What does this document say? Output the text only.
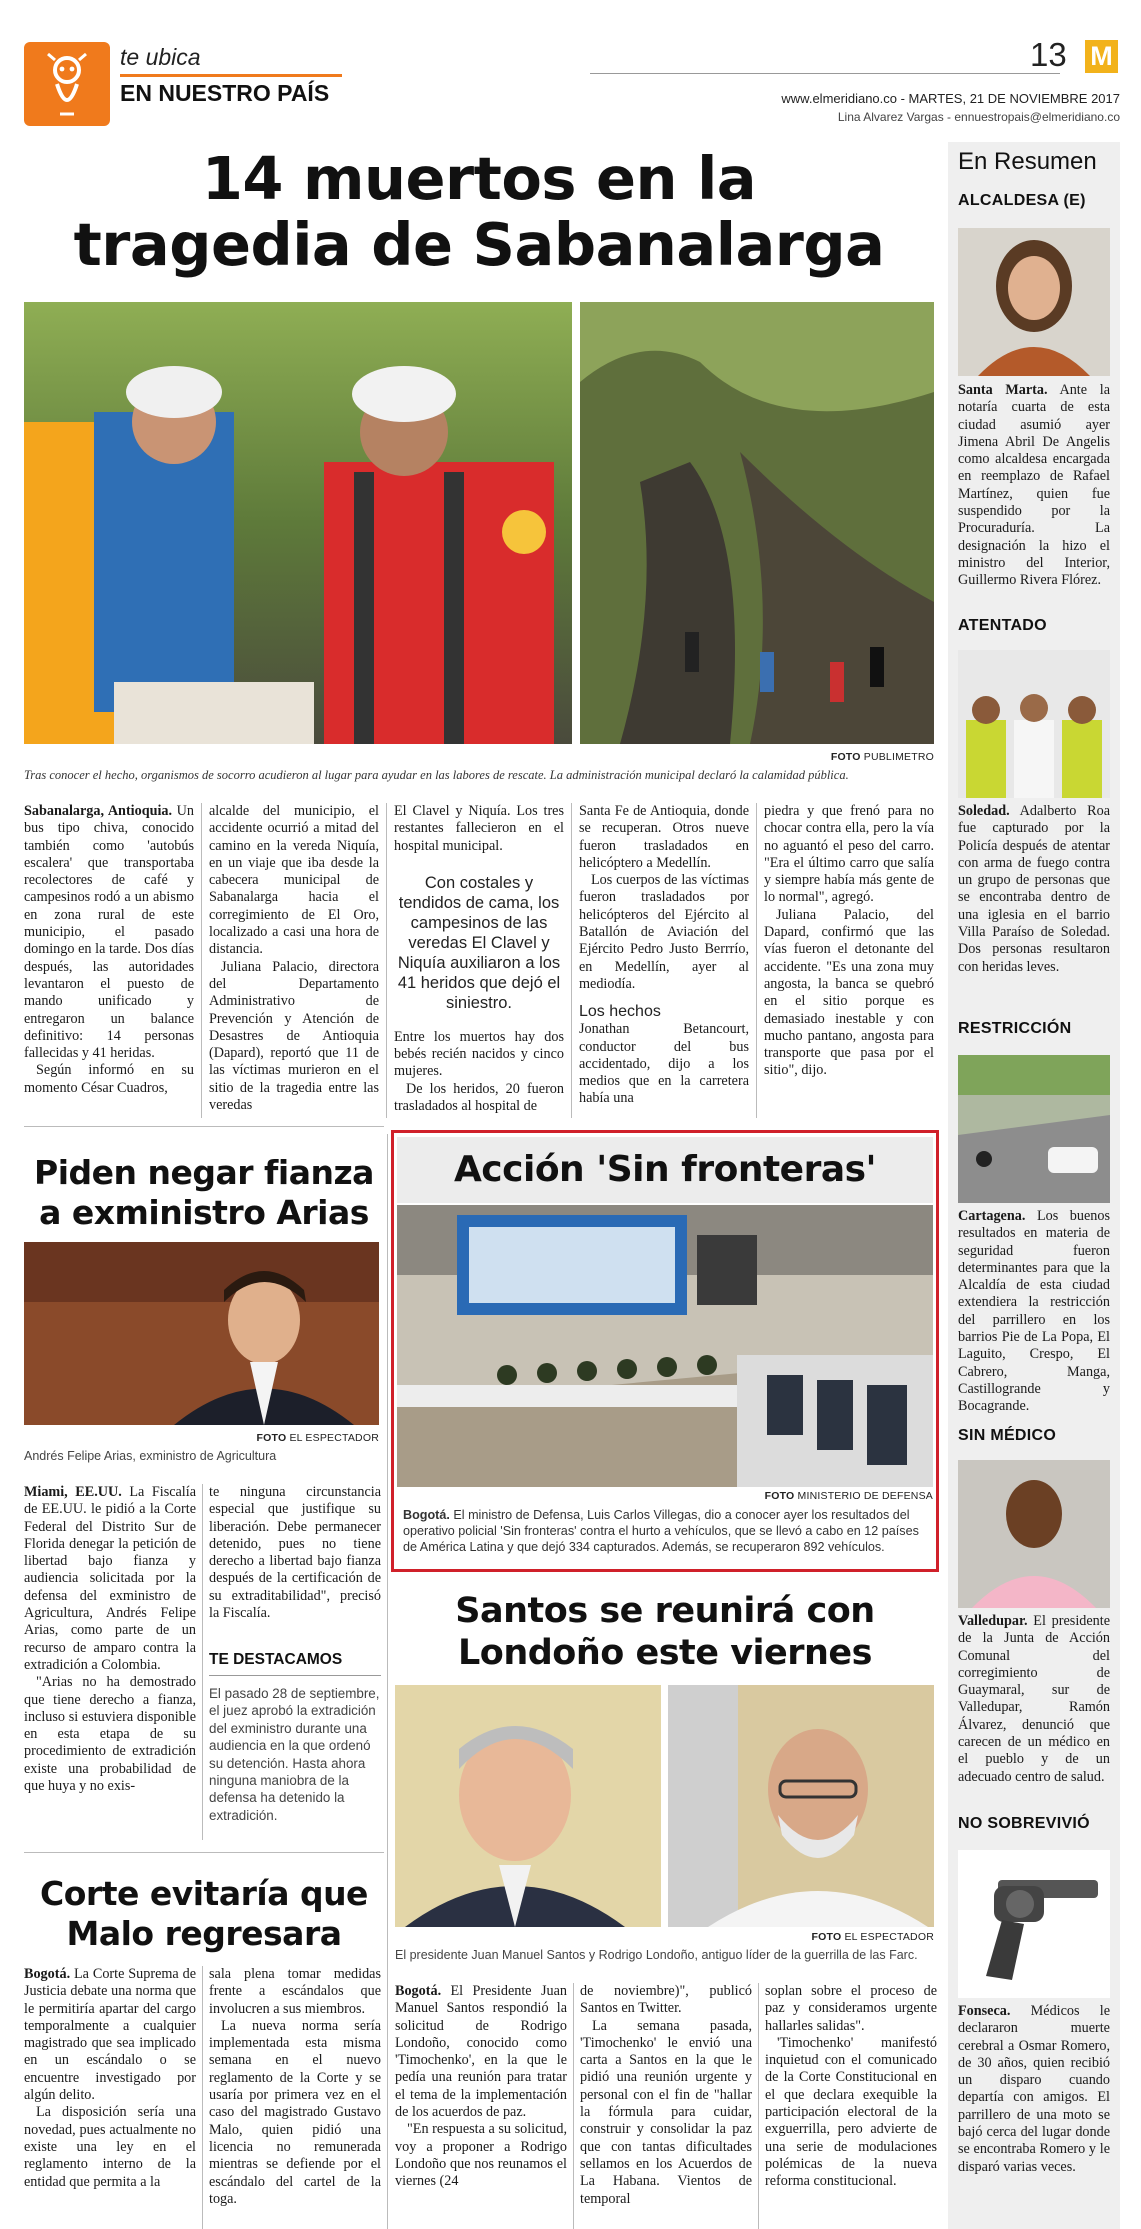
te ubica
EN NUESTRO PAÍS
13 M
www.elmeridiano.co - MARTES, 21 DE NOVIEMBRE 2017
Lina Alvarez Vargas - ennuestropais@elmeridiano.co
14 muertos en la
tragedia de Sabanalarga
FOTO PUBLIMETRO
Tras conocer el hecho, organismos de socorro acudieron al lugar para ayudar en las labores de rescate. La administración municipal declaró la calamidad pública.

Sabanalarga, Antioquia. Un bus tipo chiva, conocido también como 'autobús escalera' que transportaba recolectores de café y campesinos rodó a un abismo en zona rural de este municipio, el pasado domingo en la tarde. Dos días después, las autoridades levantaron el puesto de mando unificado y entregaron un balance definitivo: 14 personas fallecidas y 41 heridas.

Según informó en su momento César Cuadros,

alcalde del municipio, el accidente ocurrió a mitad del camino en la vereda Niquía, en un viaje que iba desde la cabecera municipal de Sabanalarga hacia el corregimiento de El Oro, localizado a casi una hora de distancia.

Juliana Palacio, directora del Departamento Administrativo de Prevención y Atención de Desastres de Antioquia (Dapard), reportó que 11 de las víctimas murieron en el sitio de la tragedia entre las veredas

El Clavel y Niquía. Los tres restantes fallecieron en el hospital municipal.

Con costales y tendidos de cama, los campesinos de las veredas El Clavel y Niquía auxiliaron a los 41 heridos que dejó el siniestro.

Entre los muertos hay dos bebés recién nacidos y cinco mujeres.

De los heridos, 20 fueron trasladados al hospital de

Santa Fe de Antioquia, donde se recuperan. Otros nueve fueron trasladados en helicóptero a Medellín.

Los cuerpos de las víctimas fueron trasladados por helicópteros del Ejército al Batallón de Aviación del Ejército Pedro Justo Berrrío, en Medellín, ayer al mediodía.

Los hechos

Jonathan Betancourt, conductor del bus accidentado, dijo a los medios que en la carretera había una

piedra y que frenó para no chocar contra ella, pero la vía no aguantó el peso del carro. "Era el último carro que salía y siempre había más gente de lo normal", agregó.

Juliana Palacio, del Dapard, confirmó que las vías fueron el detonante del accidente. "Es una zona muy angosta, la banca se quebró en el sitio porque es demasiado inestable y con mucho pantano, angosta para transporte que pasa por el sitio", dijo.

En Resumen
ALCALDESA (E)

Santa Marta. Ante la notaría cuarta de esta ciudad asumió ayer Jimena Abril De Angelis como alcaldesa encargada en reemplazo de Rafael Martínez, quien fue suspendido por la Procuraduría. La designación la hizo el ministro del Interior, Guillermo Rivera Flórez.

ATENTADO

Soledad. Adalberto Roa fue capturado por la Policía después de atentar con arma de fuego contra un grupo de personas que se encontraba dentro de una iglesia en el barrio Villa Paraíso de Soledad. Dos personas resultaron con heridas leves.

RESTRICCIÓN

Cartagena. Los buenos resultados en materia de seguridad fueron determinantes para que la Alcaldía de esta ciudad extendiera la restricción del parrillero en los barrios Pie de La Popa, El Laguito, Crespo, El Cabrero, Manga, Castillogrande y Bocagrande.

SIN MÉDICO

Valledupar. El presidente de la Junta de Acción Comunal del corregimiento de Guaymaral, sur de Valledupar, Ramón Álvarez, denunció que carecen de un médico en el pueblo y de un adecuado centro de salud.

NO SOBREVIVIÓ

Fonseca. Médicos le declararon muerte cerebral a Osmar Romero, de 30 años, quien recibió un disparo cuando departía con amigos. El parrillero de una moto se bajó cerca del lugar donde se encontraba Romero y le disparó varias veces.

Piden negar fianza
a exministro Arias
FOTO EL ESPECTADOR
Andrés Felipe Arias, exministro de Agricultura

Miami, EE.UU. La Fiscalía de EE.UU. le pidió a la Corte Federal del Distrito Sur de Florida denegar la petición de libertad bajo fianza y audiencia solicitada por la defensa del exministro de Agricultura, Andrés Felipe Arias, como parte de un recurso de amparo contra la extradición a Colombia.

"Arias no ha demostrado que tiene derecho a fianza, incluso si estuviera disponible en esta etapa de su procedimiento de extradición existe una probabilidad de que huya y no exis-

te ninguna circunstancia especial que justifique su liberación. Debe permanecer detenido, pues no tiene derecho a libertad bajo fianza después de la certificación de su extraditabilidad", precisó la Fiscalía.

TE DESTACAMOS

El pasado 28 de septiembre, el juez aprobó la extradición del exministro durante una audiencia en la que ordenó su detención. Hasta ahora ninguna maniobra de la defensa ha detenido la extradición.

Corte evitaría que
Malo regresara

Bogotá. La Corte Suprema de Justicia debate una norma que le permitiría apartar del cargo temporalmente a cualquier magistrado que sea implicado en un escándalo o se encuentre investigado por algún delito.

La disposición sería una novedad, pues actualmente no existe una ley en el reglamento interno de la entidad que permita a la

sala plena tomar medidas frente a escándalos que involucren a sus miembros.

La nueva norma sería implementada esta misma semana en el nuevo reglamento de la Corte y se usaría por primera vez en el caso del magistrado Gustavo Malo, quien pidió una licencia no remunerada mientras se defiende por el escándalo del cartel de la toga.

Acción 'Sin fronteras'
FOTO MINISTERIO DE DEFENSA

Bogotá. El ministro de Defensa, Luis Carlos Villegas, dio a conocer ayer los resultados del operativo policial 'Sin fronteras' contra el hurto a vehículos, que se llevó a cabo en 12 países de América Latina y que dejó 334 capturados. Además, se recuperaron 892 vehículos.

Santos se reunirá con
Londoño este viernes
FOTO EL ESPECTADOR
El presidente Juan Manuel Santos y Rodrigo Londoño, antiguo líder de la guerrilla de las Farc.

Bogotá. El Presidente Juan Manuel Santos respondió la solicitud de Rodrigo Londoño, conocido como 'Timochenko', en la que le pedía una reunión para tratar el tema de la implementación de los acuerdos de paz.

"En respuesta a su solicitud, voy a proponer a Rodrigo Londoño que nos reunamos el viernes (24

de noviembre)", publicó Santos en Twitter.

La semana pasada, 'Timochenko' le envió una carta a Santos en la que le pidió una reunión urgente y personal con el fin de "hallar la fórmula para cuidar, construir y consolidar la paz que con tantas dificultades sellamos en los Acuerdos de La Habana. Vientos de temporal

soplan sobre el proceso de paz y consideramos urgente hallarles salidas".

'Timochenko' manifestó inquietud con el comunicado de la Corte Constitucional en el que declara exequible la participación electoral de la exguerrilla, pero advierte de una serie de modulaciones polémicas de la nueva reforma constitucional.
